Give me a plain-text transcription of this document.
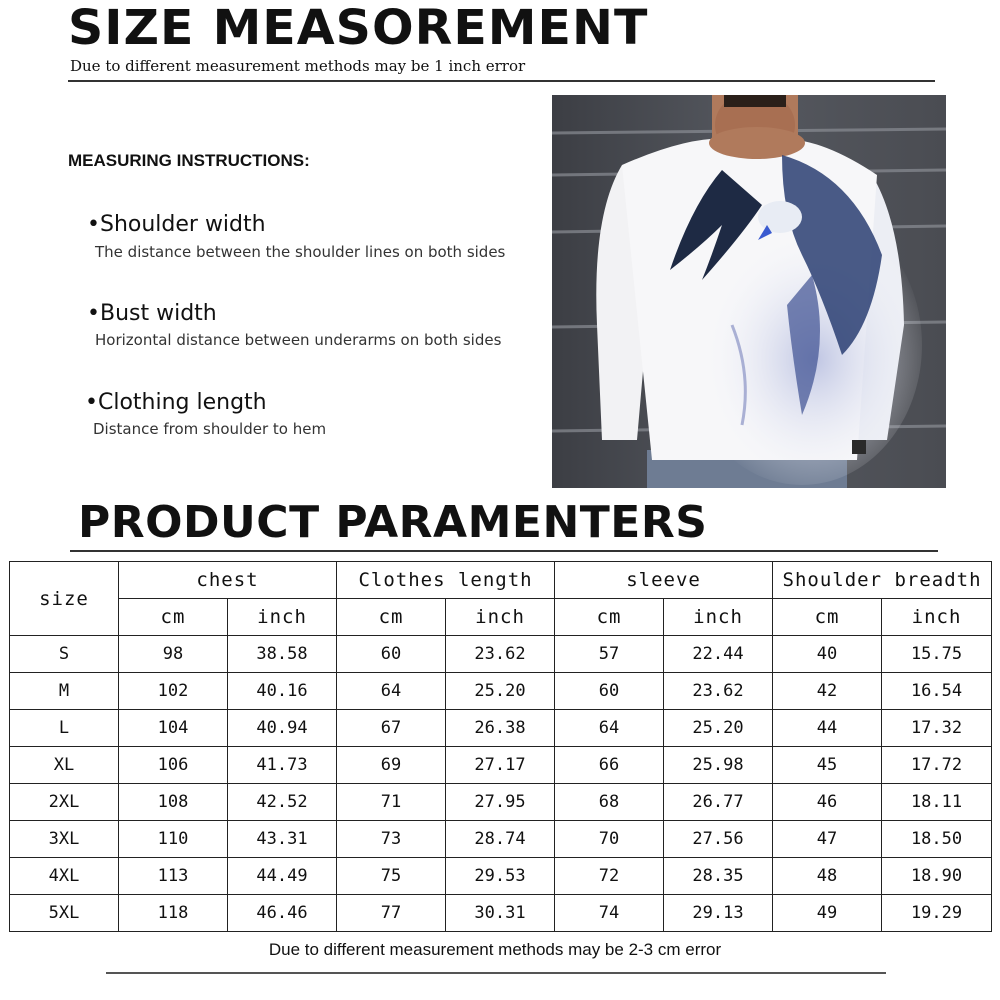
SIZE MEASOREMENT
Due to different measurement methods may be 1 inch error
MEASURING INSTRUCTIONS:
•Shoulder width
The distance between the shoulder lines on both sides
•Bust width
Horizontal distance between underarms on both sides
•Clothing length
Distance from shoulder to hem
PRODUCT PARAMENTERS
size	chest		Clothes length		sleeve		Shoulder breadth	
	cm	inch	cm	inch	cm	inch	cm	inch
S	98	38.58	60	23.62	57	22.44	40	15.75
M	102	40.16	64	25.20	60	23.62	42	16.54
L	104	40.94	67	26.38	64	25.20	44	17.32
XL	106	41.73	69	27.17	66	25.98	45	17.72
2XL	108	42.52	71	27.95	68	26.77	46	18.11
3XL	110	43.31	73	28.74	70	27.56	47	18.50
4XL	113	44.49	75	29.53	72	28.35	48	18.90
5XL	118	46.46	77	30.31	74	29.13	49	19.29
Due to different measurement methods may be 2-3 cm error
